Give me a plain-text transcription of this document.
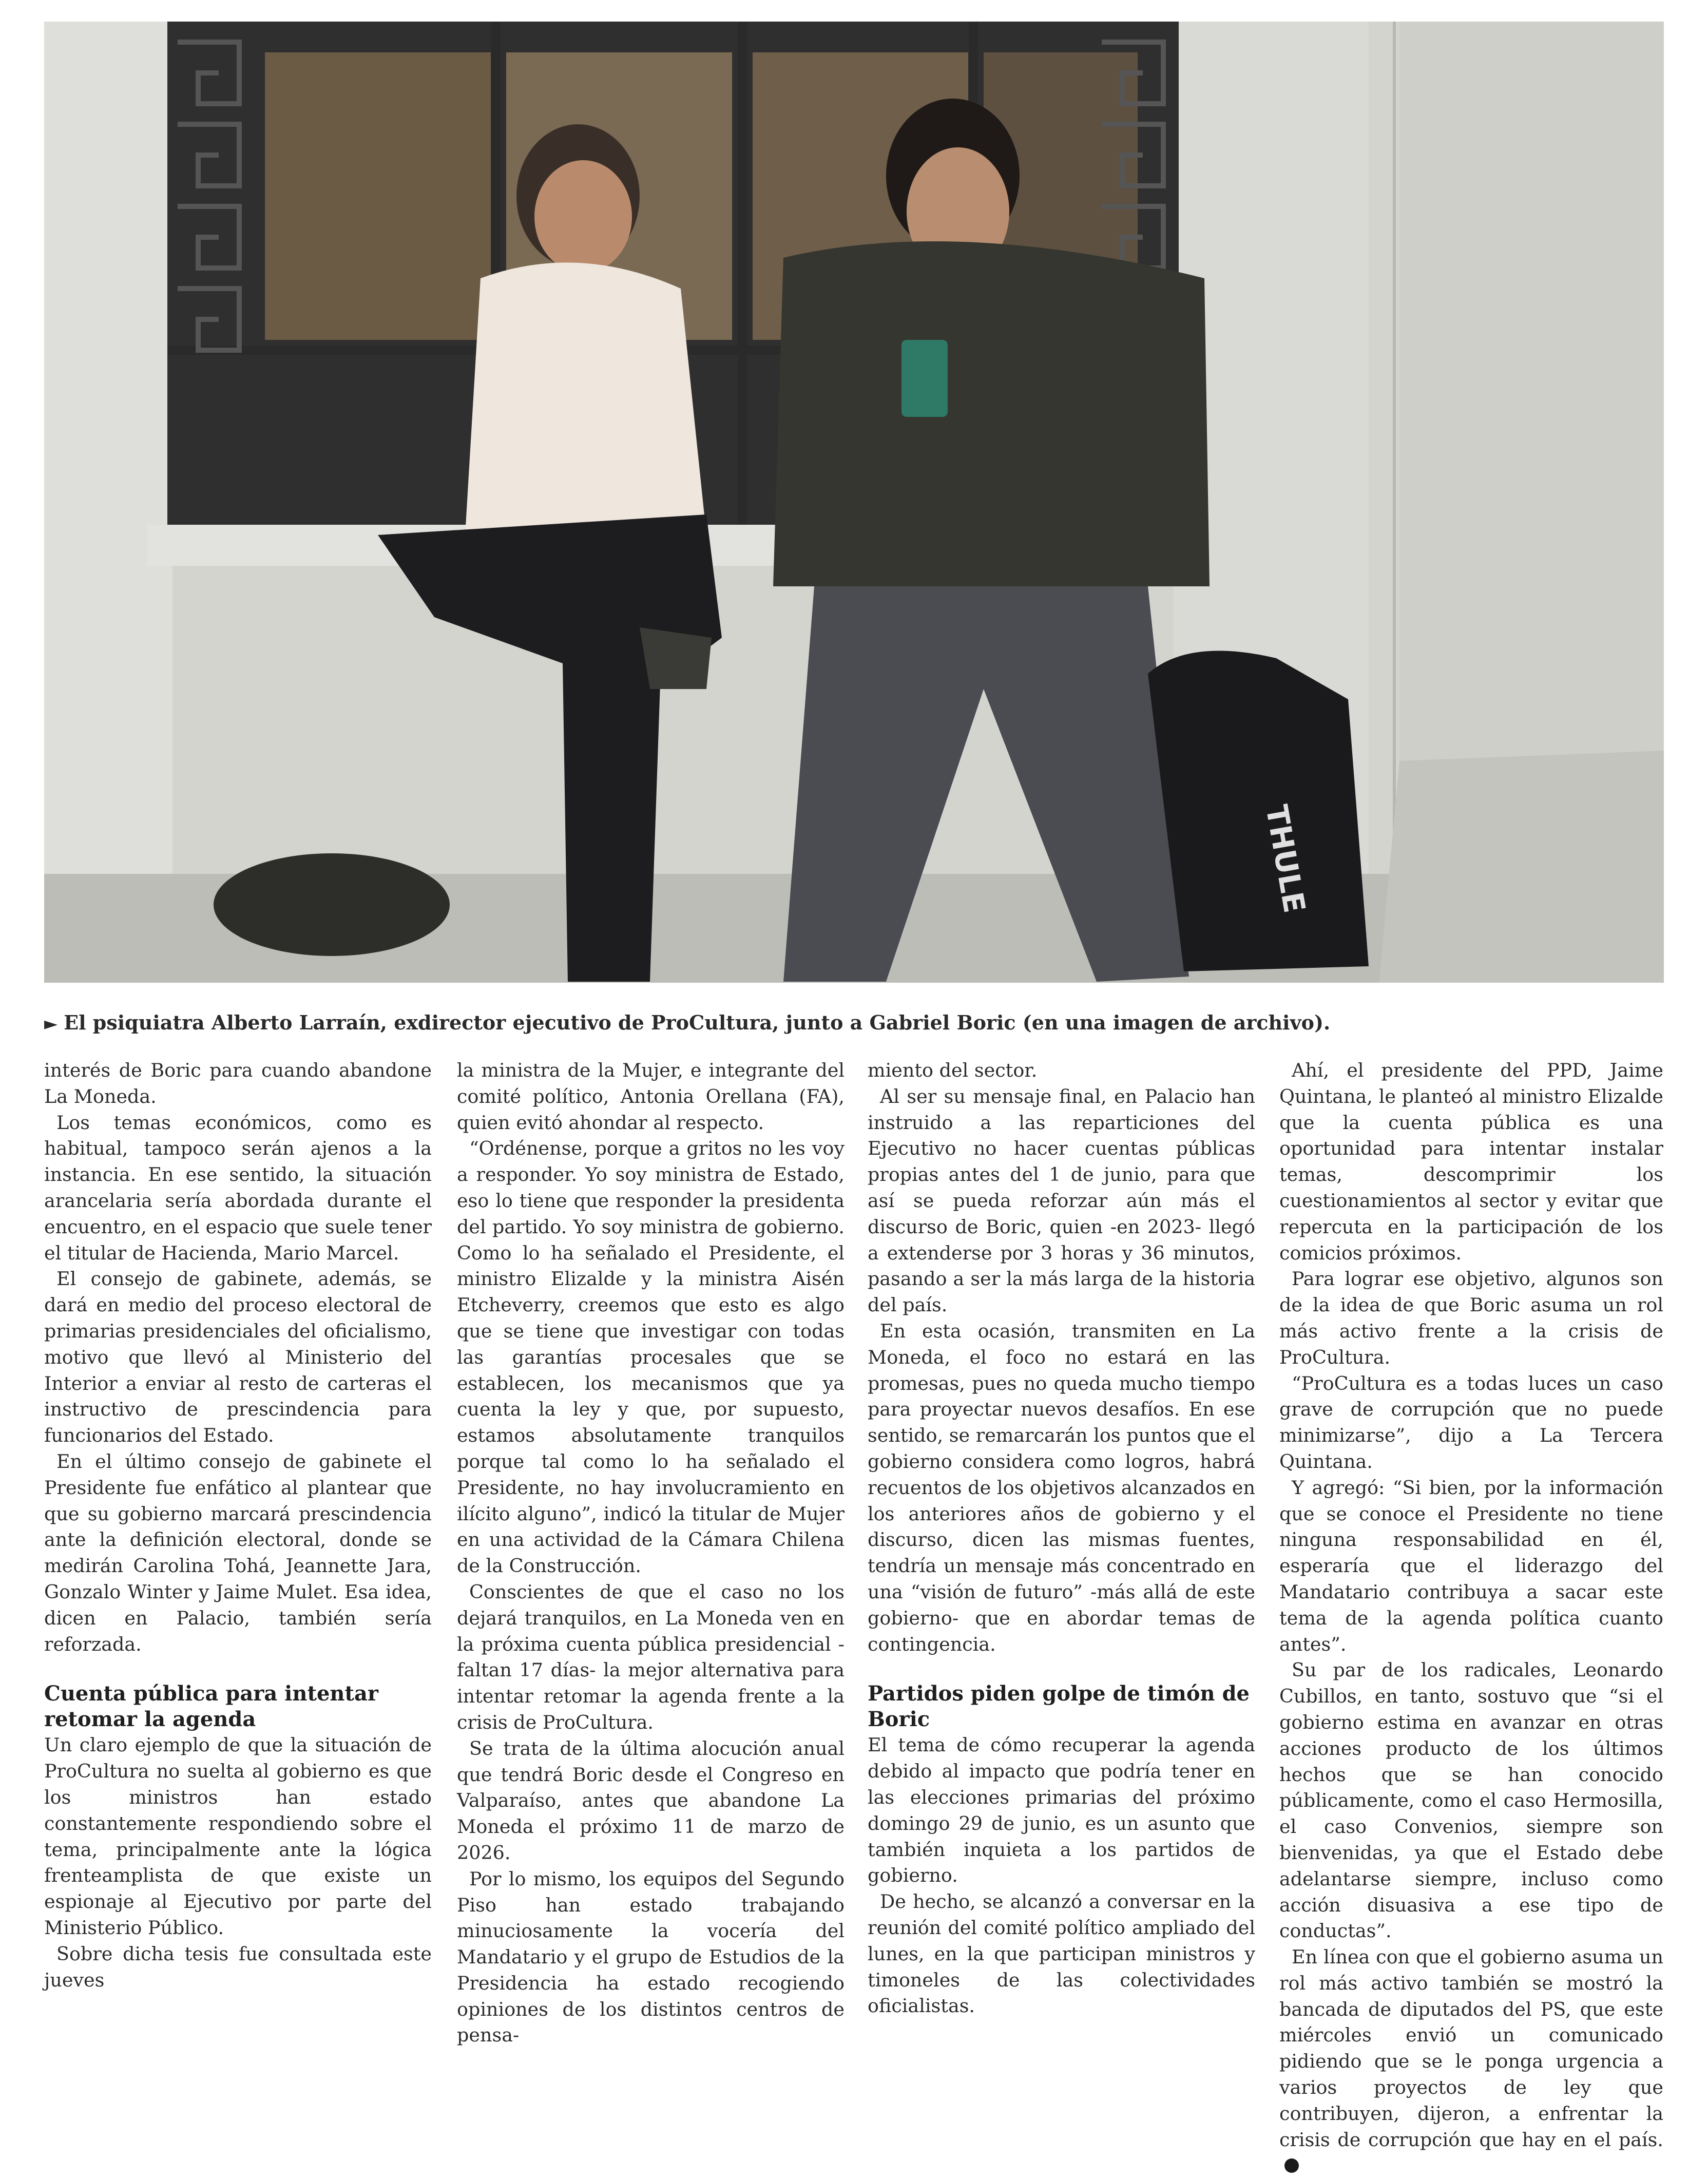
THULE
► El psiquiatra Alberto Larraín, exdirector ejecutivo de ProCultura, junto a Gabriel Boric (en una imagen de archivo).

interés de Boric para cuando abandone La Moneda.

Los temas económicos, como es habitual, tampoco serán ajenos a la instancia. En ese sentido, la situación arancelaria sería abordada durante el encuentro, en el espacio que suele tener el titular de Hacienda, Mario Marcel.

El consejo de gabinete, además, se dará en medio del proceso electoral de primarias presidenciales del oficialismo, motivo que llevó al Ministerio del Interior a enviar al resto de carteras el instructivo de prescindencia para funcionarios del Estado.

En el último consejo de gabinete el Presidente fue enfático al plantear que que su gobierno marcará prescindencia ante la definición electoral, donde se medirán Carolina Tohá, Jeannette Jara, Gonzalo Winter y Jaime Mulet. Esa idea, dicen en Palacio, también sería reforzada.

Cuenta pública para intentar retomar la agenda

Un claro ejemplo de que la situación de ProCultura no suelta al gobierno es que los ministros han estado constantemente respondiendo sobre el tema, principalmente ante la lógica frenteamplista de que existe un espionaje al Ejecutivo por parte del Ministerio Público.

Sobre dicha tesis fue consultada este jueves

la ministra de la Mujer, e integrante del comité político, Antonia Orellana (FA), quien evitó ahondar al respecto.

“Ordénense, porque a gritos no les voy a responder. Yo soy ministra de Estado, eso lo tiene que responder la presidenta del partido. Yo soy ministra de gobierno. Como lo ha señalado el Presidente, el ministro Elizalde y la ministra Aisén Etcheverry, creemos que esto es algo que se tiene que investigar con todas las garantías procesales que se establecen, los mecanismos que ya cuenta la ley y que, por supuesto, estamos absolutamente tranquilos porque tal como lo ha señalado el Presidente, no hay involucramiento en ilícito alguno”, indicó la titular de Mujer en una actividad de la Cámara Chilena de la Construcción.

Conscientes de que el caso no los dejará tranquilos, en La Moneda ven en la próxima cuenta pública presidencial -faltan 17 días- la mejor alternativa para intentar retomar la agenda frente a la crisis de ProCultura.

Se trata de la última alocución anual que tendrá Boric desde el Congreso en Valparaíso, antes que abandone La Moneda el próximo 11 de marzo de 2026.

Por lo mismo, los equipos del Segundo Piso han estado trabajando minuciosamente la vocería del Mandatario y el grupo de Estudios de la Presidencia ha estado recogiendo opiniones de los distintos centros de pensa-

miento del sector.

Al ser su mensaje final, en Palacio han instruido a las reparticiones del Ejecutivo no hacer cuentas públicas propias antes del 1 de junio, para que así se pueda reforzar aún más el discurso de Boric, quien -en 2023- llegó a extenderse por 3 horas y 36 minutos, pasando a ser la más larga de la historia del país.

En esta ocasión, transmiten en La Moneda, el foco no estará en las promesas, pues no queda mucho tiempo para proyectar nuevos desafíos. En ese sentido, se remarcarán los puntos que el gobierno considera como logros, habrá recuentos de los objetivos alcanzados en los anteriores años de gobierno y el discurso, dicen las mismas fuentes, tendría un mensaje más concentrado en una “visión de futuro” -más allá de este gobierno- que en abordar temas de contingencia.

Partidos piden golpe de timón de Boric

El tema de cómo recuperar la agenda debido al impacto que podría tener en las elecciones primarias del próximo domingo 29 de junio, es un asunto que también inquieta a los partidos de gobierno.

De hecho, se alcanzó a conversar en la reunión del comité político ampliado del lunes, en la que participan ministros y timoneles de las colectividades oficialistas.

Ahí, el presidente del PPD, Jaime Quintana, le planteó al ministro Elizalde que la cuenta pública es una oportunidad para intentar instalar temas, descomprimir los cuestionamientos al sector y evitar que repercuta en la participación de los comicios próximos.

Para lograr ese objetivo, algunos son de la idea de que Boric asuma un rol más activo frente a la crisis de ProCultura.

“ProCultura es a todas luces un caso grave de corrupción que no puede minimizarse”, dijo a La Tercera Quintana.

Y agregó: “Si bien, por la información que se conoce el Presidente no tiene ninguna responsabilidad en él, esperaría que el liderazgo del Mandatario contribuya a sacar este tema de la agenda política cuanto antes”.

Su par de los radicales, Leonardo Cubillos, en tanto, sostuvo que “si el gobierno estima en avanzar en otras acciones producto de los últimos hechos que se han conocido públicamente, como el caso Hermosilla, el caso Convenios, siempre son bienvenidas, ya que el Estado debe adelantarse siempre, incluso como acción disuasiva a ese tipo de conductas”.

En línea con que el gobierno asuma un rol más activo también se mostró la bancada de diputados del PS, que este miércoles envió un comunicado pidiendo que se le ponga urgencia a varios proyectos de ley que contribuyen, dijeron, a enfrentar la crisis de corrupción que hay en el país.
